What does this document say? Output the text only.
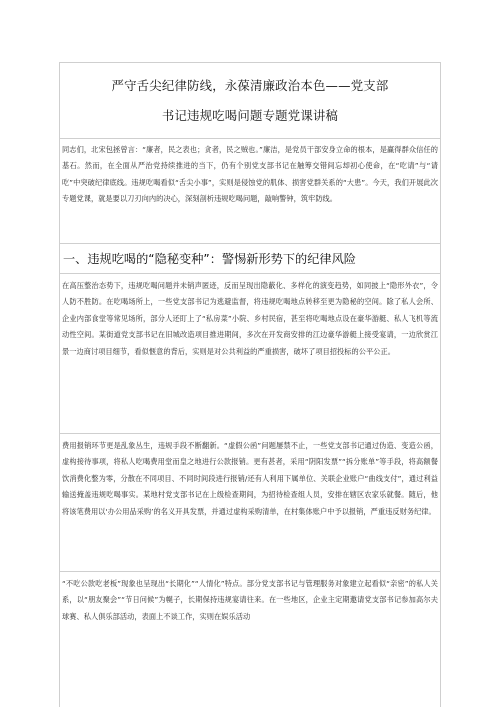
严守舌尖纪律防线，永葆清廉政治本色——党支部
书记违规吃喝问题专题党课讲稿

同志们，北宋包拯曾言：“廉者，民之表也；贪者，民之贼也。”廉洁，是党员干部安身立命的根本，是赢得群众信任的基石。然而，在全面从严治党持续推进的当下，仍有个别党支部书记在触筹交错间忘却初心使命，在“吃请”与“请吃”中突破纪律底线。违规吃喝看似“舌尖小事”，实则是侵蚀党的肌体、损害党群关系的“大患”。今天，我们开展此次专题党课，就是要以刀刃向内的决心，深刻剖析违规吃喝问题，敲响警钟，筑牢防线。

一、违规吃喝的“隐秘变种”：警惕新形势下的纪律风险

在高压整治态势下，违规吃喝问题并未销声匿迹，反而呈现出隐蔽化、多样化的演变趋势，如同披上“隐形外衣”，令人防不胜防。在吃喝场所上，一些党支部书记为逃避监督，将违规吃喝地点转移至更为隐秘的空间。除了私人会所、企业内部食堂等常见场所，部分人还盯上了“私房菜”小院、乡村民宿，甚至将吃喝地点设在豪华游艇、私人飞机等流动性空间。某街道党支部书记在旧城改造项目推进期间，多次在开发商安排的江边豪华游艇上接受宴请，一边欣赏江景一边商讨项目细节，看似惬意的背后，实则是对公共利益的严重损害，破坏了项目招投标的公平公正。

费用报销环节更是乱象丛生，违规手段不断翻新。“虚假公函”问题屡禁不止，一些党支部书记通过伪造、变造公函，虚构接待事项，将私人吃喝费用堂而皇之地进行公款报销。更有甚者，采用“阴阳发票”“拆分账单”等手段，将高额餐饮消费化整为零，分散在不同项目、不同时间段进行报销/还有人利用下属单位、关联企业账户“曲线支付”，通过利益输送掩盖违规吃喝事实。某地村党支部书记在上级检查期间，为招待检查组人员，安排在辖区农家乐就餐。随后，他将该笔费用以‘办公用品采购’的名义开具发票，并通过虚构采购清单，在村集体账户中予以报销，严重违反财务纪律。

“不吃公款吃老板”现象也呈现出“长期化”“人情化”特点。部分党支部书记与管理服务对象建立起看似“亲密”的私人关系，以“朋友聚会”“节日问候”为幌子，长期保持违规宴请往来。在一些地区，企业主定期邀请党支部书记参加高尔夫球赛、私人俱乐部活动，表面上不谈工作，实则在娱乐活动
